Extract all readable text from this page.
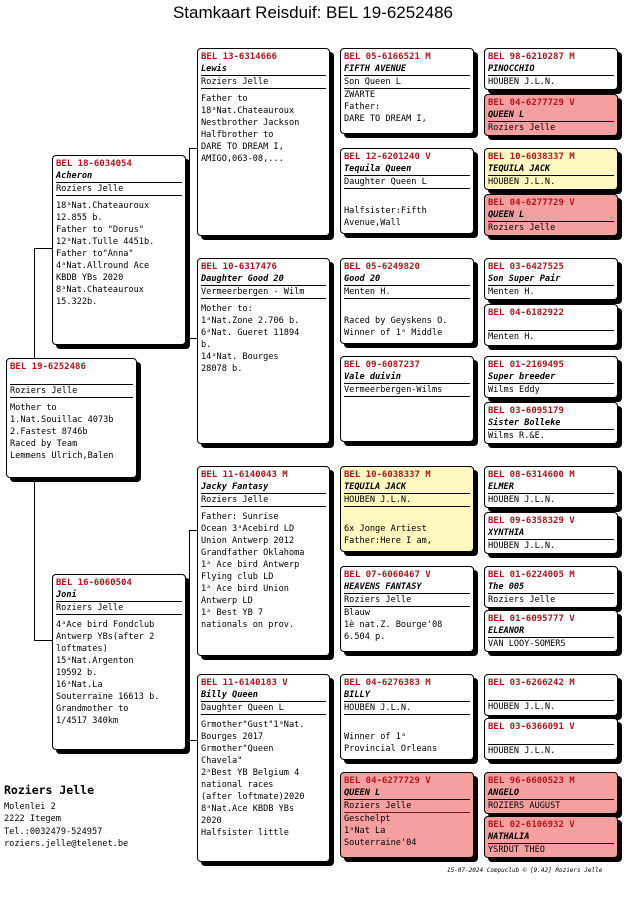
Stamkaart Reisduif: BEL 19-6252486
BEL 19-6252486
Roziers Jelle
Mother to
1.Nat.Souillac 4073b
2.Fastest 8746b
Raced by Team
Lemmens Ulrich,Balen
BEL 18-6034054
Acheron
Roziers Jelle
18ᵃNat.Chateauroux
12.855 b.
Father to "Dorus"
12ᵃNat.Tulle 4451b.
Father to"Anna"
4ᵃNat.Allround Ace
KBDB YBs 2020
8ᵃNat.Chateauroux
15.322b.
BEL 16-6060504
Joni
Roziers Jelle
4ᵃAce bird Fondclub
Antwerp YBs(after 2
loftmates)
15ᵃNat.Argenton
19592 b.
16ᵃNat.La
Souterraine 16613 b.
Grandmother to
1/4517 340km
BEL 13-6314666
Lewis
Roziers Jelle
Father to
18ᵃNat.Chateauroux
Nestbrother Jackson
Halfbrother to
DARE TO DREAM I,
AMIGO,063-08,...
BEL 10-6317476
Daughter Good 20
Vermeerbergen - Wilm
Mother to:
1ᵃNat.Zone 2.706 b.
6ᵃNat. Gueret 11894
b.
14ᵃNat. Bourges
28078 b.
BEL 11-6140043 M
Jacky Fantasy
Roziers Jelle
Father: Sunrise
Ocean 3ᵃAcebird LD
Union Antwerp 2012
Grandfather Oklahoma
1ᵃ Ace bird Antwerp
Flying club LD
1ᵃ Ace bird Union
Antwerp LD
1ᵃ Best YB 7
nationals on prov.
BEL 11-6140183 V
Billy Queen
Daughter Queen L
Grmother"Gust"1ᵃNat.
Bourges 2017
Grmother"Queen
Chavela"
2ᵃBest YB Belgium 4
national races
(after loftmate)2020
8ᵃNat.Ace KBDB YBs
2020
Halfsister little
BEL 05-6166521 M
FIFTH AVENUE
Son Queen L
ZWARTE
Father:
DARE TO DREAM I,
BEL 12-6201240 V
Tequila Queen
Daughter Queen L

Halfsister:Fifth
Avenue,Wall
BEL 05-6249820
Good 20
Menten H.

Raced by Geyskens O.
Winner of 1ᵃ Middle
BEL 09-6087237
Vale duivin
Vermeerbergen-Wilms
BEL 10-6038337 M
TEQUILA JACK
HOUBEN J.L.N.

6x Jonge Artiest
Father:Here I am,
BEL 07-6060467 V
HEAVENS FANTASY
Roziers Jelle
Blauw
1è nat.Z. Bourge'08
6.504 p.
BEL 04-6276383 M
BILLY
HOUBEN J.L.N.

Winner of 1ᵃ
Provincial Orleans
BEL 04-6277729 V
QUEEN L
Roziers Jelle
Geschelpt
1ᵃNat La
Souterraine'04
BEL 98-6210287 M
PINOCCHIO
HOUBEN J.L.N.
BEL 04-6277729 V
QUEEN L
Roziers Jelle
BEL 10-6038337 M
TEQUILA JACK
HOUBEN J.L.N.
BEL 04-6277729 V
QUEEN L
Roziers Jelle
BEL 03-6427525
Son Super Pair
Menten H.
BEL 04-6182922
Menten H.
BEL 01-2169495
Super breeder
Wilms Eddy
BEL 03-6095179
Sister Bolleke
Wilms R.&E.
BEL 08-6314600 M
ELMER
HOUBEN J.L.N.
BEL 09-6358329 V
XYNTHIA
HOUBEN J.L.N.
BEL 01-6224005 M
The 005
Roziers Jelle
BEL 01-6095777 V
ELEANOR
VAN LOOY-SOMERS
BEL 03-6266242 M
HOUBEN J.L.N.
BEL 03-6366091 V
HOUBEN J.L.N.
BEL 96-6600523 M
ANGELO
ROZIERS AUGUST
BEL 02-6106932 V
NATHALIA
YSRDUT THEO
Roziers Jelle
Molenlei 2
2222 Itegem
Tel.:0032479-524957
roziers.jelle@telenet.be
15-07-2024 Compuclub © [9.42] Roziers Jelle
